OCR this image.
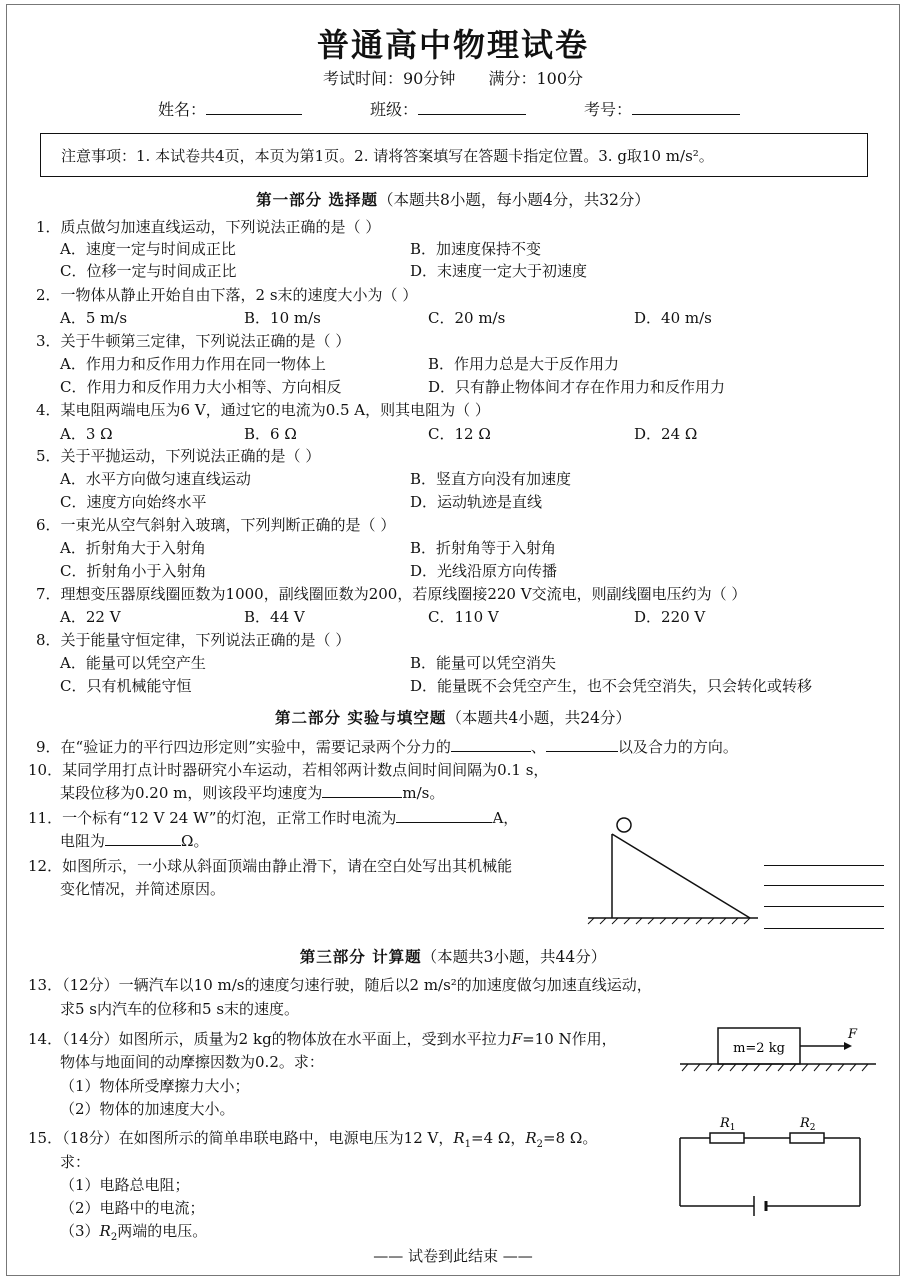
普通高中物理试卷
考试时间：90分钟 满分：100分
姓名：	班级：	考号：
注意事项：1. 本试卷共4页，本页为第1页。2. 请将答案填写在答题卡指定位置。3. g取10 m/s²。
第一部分 选择题（本题共8小题，每小题4分，共32分）
1．质点做匀加速直线运动，下列说法正确的是（ ）
A．速度一定与时间成正比	B．加速度保持不变
C．位移一定与时间成正比	D．末速度一定大于初速度
2．一物体从静止开始自由下落，2 s末的速度大小为（ ）
A．5 m/s	B．10 m/s	C．20 m/s	D．40 m/s
3．关于牛顿第三定律，下列说法正确的是（ ）
A．作用力和反作用力作用在同一物体上	B．作用力总是大于反作用力
C．作用力和反作用力大小相等、方向相反	D．只有静止物体间才存在作用力和反作用力
4．某电阻两端电压为6 V，通过它的电流为0.5 A，则其电阻为（ ）
A．3 Ω	B．6 Ω	C．12 Ω	D．24 Ω
5．关于平抛运动，下列说法正确的是（ ）
A．水平方向做匀速直线运动	B．竖直方向没有加速度
C．速度方向始终水平	D．运动轨迹是直线
6．一束光从空气斜射入玻璃，下列判断正确的是（ ）
A．折射角大于入射角	B．折射角等于入射角
C．折射角小于入射角	D．光线沿原方向传播
7．理想变压器原线圈匝数为1000，副线圈匝数为200，若原线圈接220 V交流电，则副线圈电压约为（ ）
A．22 V	B．44 V	C．110 V	D．220 V
8．关于能量守恒定律，下列说法正确的是（ ）
A．能量可以凭空产生	B．能量可以凭空消失
C．只有机械能守恒	D．能量既不会凭空产生，也不会凭空消失，只会转化或转移
第二部分 实验与填空题（本题共4小题，共24分）
9．在“验证力的平行四边形定则”实验中，需要记录两个分力的	、	以及合力的方向。
10．某同学用打点计时器研究小车运动，若相邻两计数点间时间间隔为0.1 s，
某段位移为0.20 m，则该段平均速度为	m/s。
11．一个标有“12 V 24 W”的灯泡，正常工作时电流为	A，
电阻为	Ω。
12．如图所示，一小球从斜面顶端由静止滑下，请在空白处写出其机械能
变化情况，并简述原因。
第三部分 计算题（本题共3小题，共44分）
13．（12分）一辆汽车以10 m/s的速度匀速行驶，随后以2 m/s²的加速度做匀加速直线运动，
求5 s内汽车的位移和5 s末的速度。
14．（14分）如图所示，质量为2 kg的物体放在水平面上，受到水平拉力F=10 N作用，
物体与地面间的动摩擦因数为0.2。求：
（1）物体所受摩擦力大小；
（2）物体的加速度大小。
m=2 kg
F
15．（18分）在如图所示的简单串联电路中，电源电压为12 V，$R_1=4$ Ω，$R_2=8$ Ω。
求：
（1）电路总电阻；
（2）电路中的电流；
$(3)R_2$两端的电压。
$R_1$	$R_2$
—— 试卷到此结束 ——
